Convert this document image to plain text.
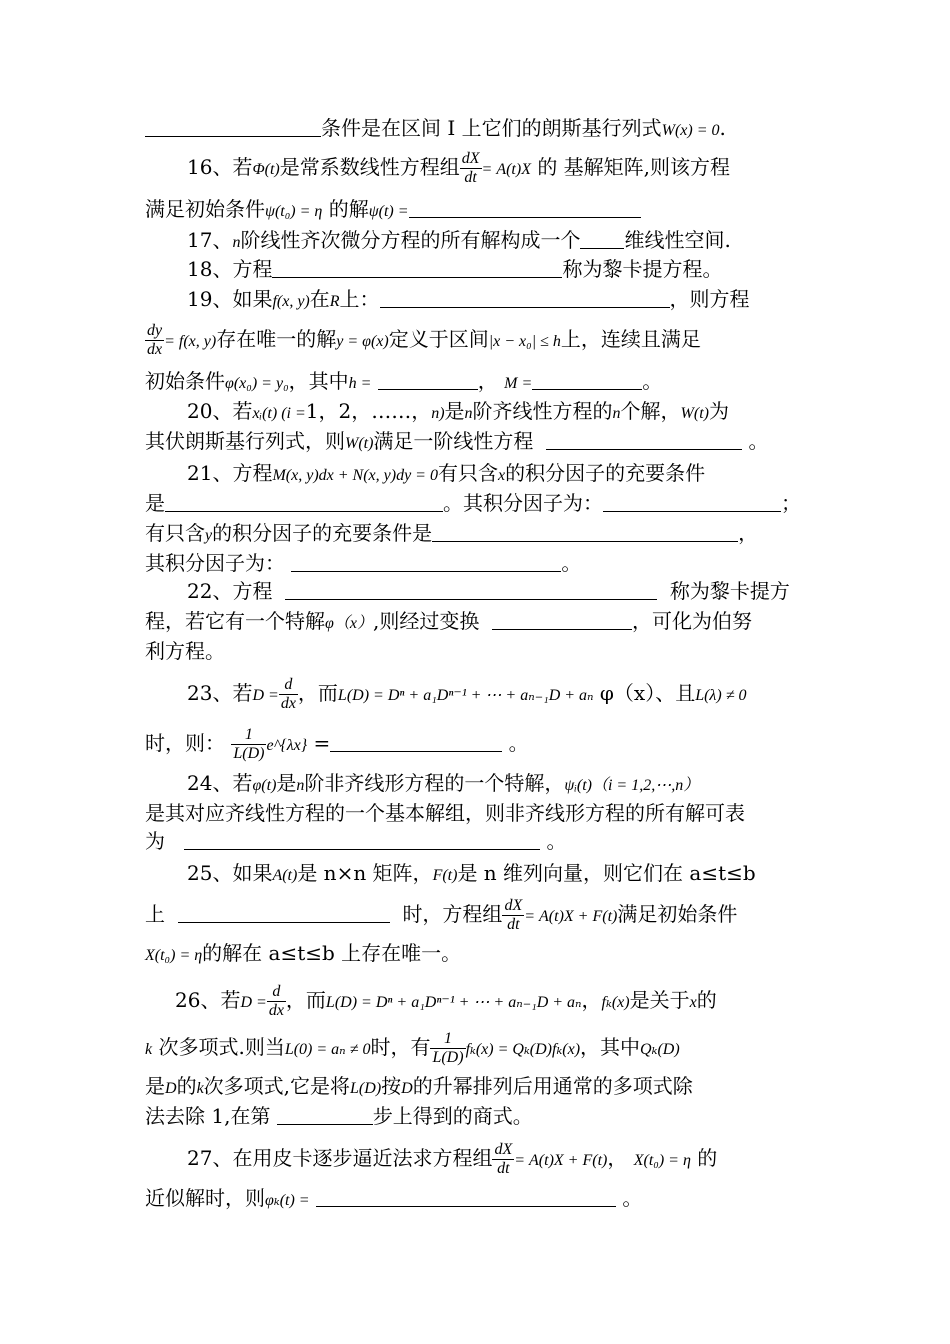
条件是在区间 I 上它们的朗斯基行列式W(x) = 0.
16、若Φ(t)是常系数线性方程组 $\frac{dX}{dt} = A(t)X$ 的 基解矩阵,则该方程
满足初始条件ψ(t₀) = η 的解ψ(t) =
17、n阶线性齐次微分方程的所有解构成一个 维线性空间.
18、方程	称为黎卡提方程。
19、如果f(x, y)在R上：	，则方程
$\frac{dy}{dx} = f(x$, y)存在唯一的解y = φ(x)定义于区间|x − x₀| ≤ h上，连续且满足
初始条件φ(x₀) = y₀，其中h =	， M =	。
20、若xᵢ(t) (i =1，2，……，n)是n阶齐线性方程的n个解，W(t)为
其伏朗斯基行列式，则W(t)满足一阶线性方程	。
21、方程M(x, y)dx + N(x, y)dy = 0有只含x的积分因子的充要条件
是	。其积分因子为：	；
有只含y的积分因子的充要条件是	，
其积分因子为：	。
22、方程	称为黎卡提方
程，若它有一个特解φ（x）,则经过变换	，可化为伯努
利方程。
23、若$D = \frac{d}{dx}$ ，而L(D) = Dⁿ + a₁Dⁿ⁻¹ + ⋯ + aₙ₋₁D + aₙ φ（x）、且L(λ) ≠ 0
时，则： $\frac{1}{L(D)}$ e^{λx} =	。
24、若φ(t)是n阶非齐线形方程的一个特解，ψᵢ(t)（i = 1,2,⋯,n）
是其对应齐线性方程的一个基本解组，则非齐线形方程的所有解可表
为	。
25、如果A(t)是 n×n 矩阵，F(t)是 n 维列向量，则它们在 a≤t≤b
上	时，方程组 $\frac{dX}{dt} = A(t)X + F(t)$满足初始条件
X(t₀) = η的解在 a≤t≤b 上存在唯一。
26、若$D = \frac{d}{dx}$ ，而L(D) = Dⁿ + a₁Dⁿ⁻¹ + ⋯ + aₙ₋₁D + aₙ，fₖ(x)是关于x的
k 次多项式.则当L(0) = aₙ ≠ 0时，有 $\frac{1}{L(D)} f_k(x) = Q_k(D)f_k(x)$，其中Qₖ(D)
是D的k次多项式,它是将L(D)按D的升幂排列后用通常的多项式除
法去除 1,在第	步上得到的商式。
27、在用皮卡逐步逼近法求方程组 $\frac{dX}{dt} = A(t)X + F(t)$， X(t₀) = η 的
近似解时，则φₖ(t) =	。
